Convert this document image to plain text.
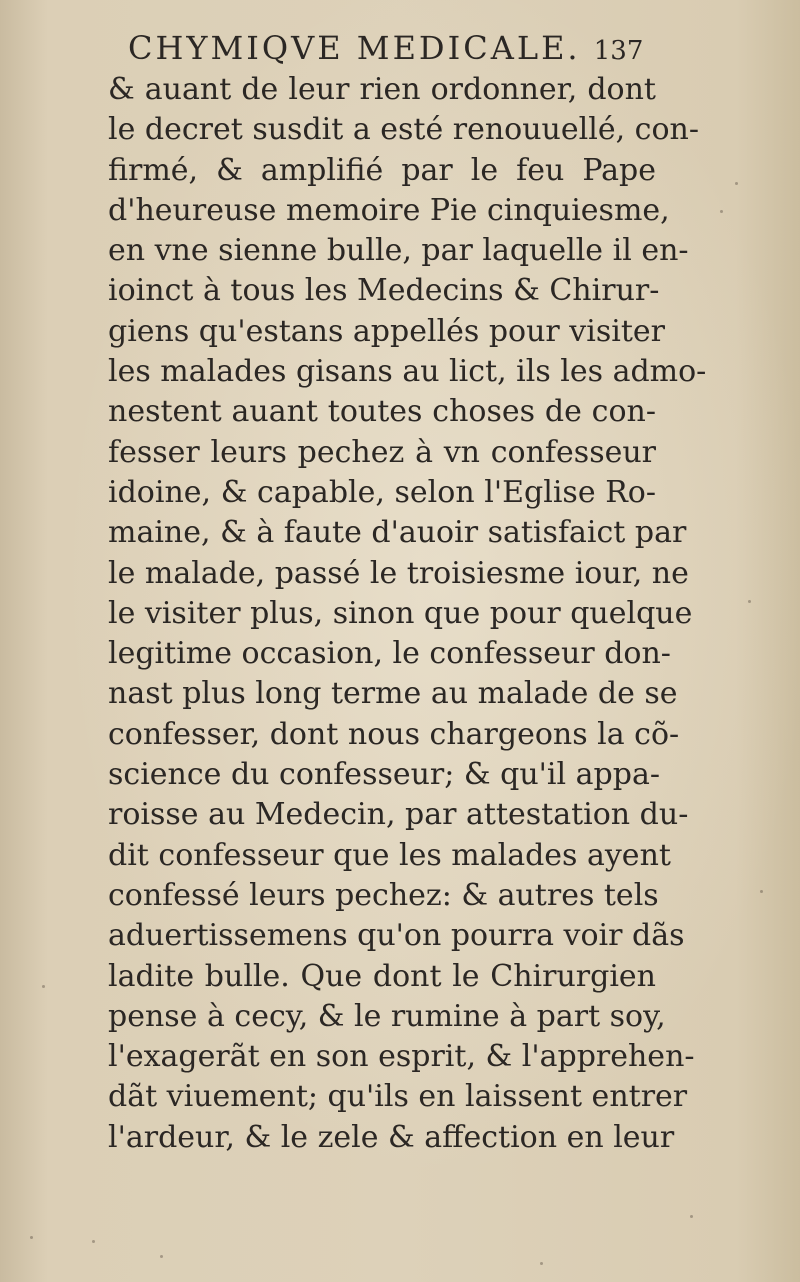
CHYMIQVE MEDICALE. 137
& auant de leur rien ordonner, dont
le decret susdit a esté renouuellé, con-
firmé, & amplifié par le feu Pape
d'heureuse memoire Pie cinquiesme,
en vne sienne bulle, par laquelle il en-
ioinct à tous les Medecins & Chirur-
giens qu'estans appellés pour visiter
les malades gisans au lict, ils les admo-
nestent auant toutes choses de con-
fesser leurs pechez à vn confesseur
idoine, & capable, selon l'Eglise Ro-
maine, & à faute d'auoir satisfaict par
le malade, passé le troisiesme iour, ne
le visiter plus, sinon que pour quelque
legitime occasion, le confesseur don-
nast plus long terme au malade de se
confesser, dont nous chargeons la cõ-
science du confesseur; & qu'il appa-
roisse au Medecin, par attestation du-
dit confesseur que les malades ayent
confessé leurs pechez: & autres tels
aduertissemens qu'on pourra voir dãs
ladite bulle. Que dont le Chirurgien
pense à cecy, & le rumine à part soy,
l'exagerãt en son esprit, & l'apprehen-
dãt viuement; qu'ils en laissent entrer
l'ardeur, & le zele & affection en leur
